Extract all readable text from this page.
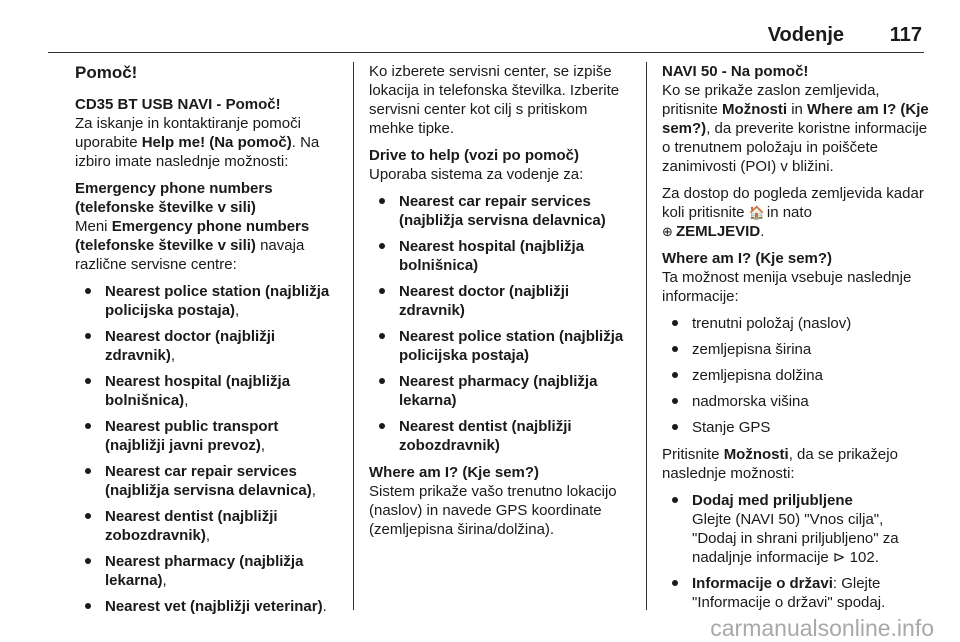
Vodenje 117
Pomoč!
CD35 BT USB NAVI - Pomoč!

Za iskanje in kontaktiranje pomoči uporabite Help me! (Na pomoč). Na izbiro imate naslednje možnosti:

Emergency phone numbers (telefonske številke v sili)

Meni Emergency phone numbers (telefonske številke v sili) navaja različne servisne centre:

Nearest police station (najbližja policijska postaja),
Nearest doctor (najbližji zdravnik),
Nearest hospital (najbližja bolnišnica),
Nearest public transport (najbližji javni prevoz),
Nearest car repair services (najbližja servisna delavnica),
Nearest dentist (najbližji zobozdravnik),
Nearest pharmacy (najbližja lekarna),
Nearest vet (najbližji veterinar).

Ko izberete servisni center, se izpiše lokacija in telefonska številka. Izberite servisni center kot cilj s pritiskom mehke tipke.

Drive to help (vozi po pomoč)

Uporaba sistema za vodenje za:

Nearest car repair services (najbližja servisna delavnica)
Nearest hospital (najbližja bolnišnica)
Nearest doctor (najbližji zdravnik)
Nearest police station (najbližja policijska postaja)
Nearest pharmacy (najbližja lekarna)
Nearest dentist (najbližji zobozdravnik)
Where am I? (Kje sem?)

Sistem prikaže vašo trenutno lokacijo (naslov) in navede GPS koordinate (zemljepisna širina/dolžina).

NAVI 50 - Na pomoč!

Ko se prikaže zaslon zemljevida, pritisnite Možnosti in Where am I? (Kje sem?), da preverite koristne informacije o trenutnem položaju in poiščete zanimivosti (POI) v bližini.

Za dostop do pogleda zemljevida kadar koli pritisnite 🏠 in nato
⊕ ZEMLJEVID.

Where am I? (Kje sem?)

Ta možnost menija vsebuje naslednje informacije:

trenutni položaj (naslov)
zemljepisna širina
zemljepisna dolžina
nadmorska višina
Stanje GPS

Pritisnite Možnosti, da se prikažejo naslednje možnosti:

Dodaj med priljubljene
Glejte (NAVI 50) "Vnos cilja", "Dodaj in shrani priljubljeno" za nadaljnje informacije ⊳ 102.
Informacije o državi: Glejte "Informacije o državi" spodaj.
carmanualsonline.info
